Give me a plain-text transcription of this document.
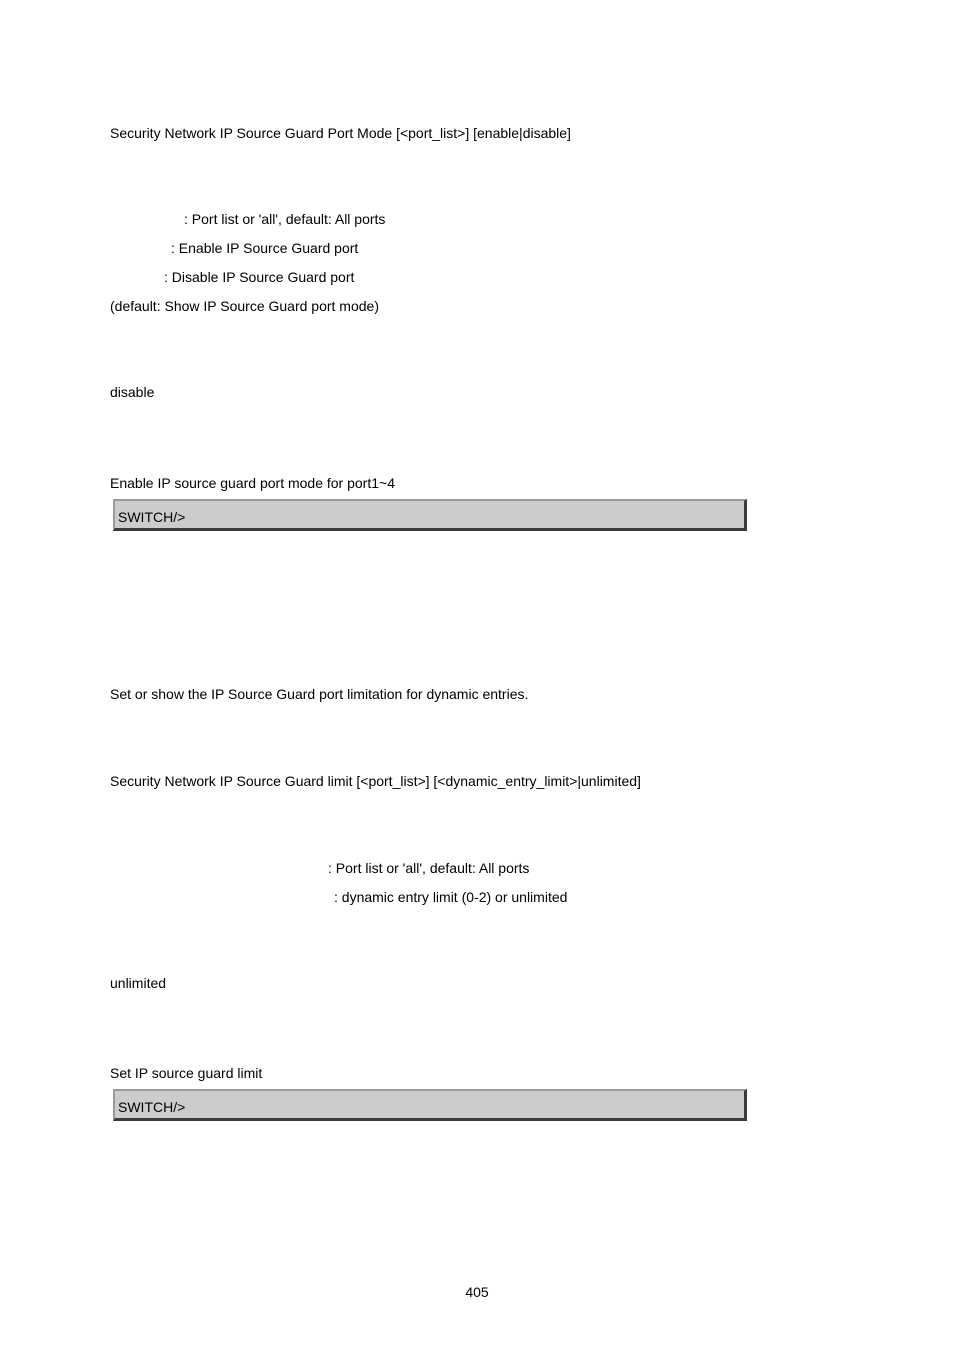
Security Network IP Source Guard Port Mode [<port_list>] [enable|disable]
: Port list or 'all', default: All ports
: Enable IP Source Guard port
: Disable IP Source Guard port
(default: Show IP Source Guard port mode)
disable
Enable IP source guard port mode for port1~4
SWITCH/>
Set or show the IP Source Guard port limitation for dynamic entries.
Security Network IP Source Guard limit [<port_list>] [<dynamic_entry_limit>|unlimited]
: Port list or 'all', default: All ports
: dynamic entry limit (0-2) or unlimited
unlimited
Set IP source guard limit
SWITCH/>
405
